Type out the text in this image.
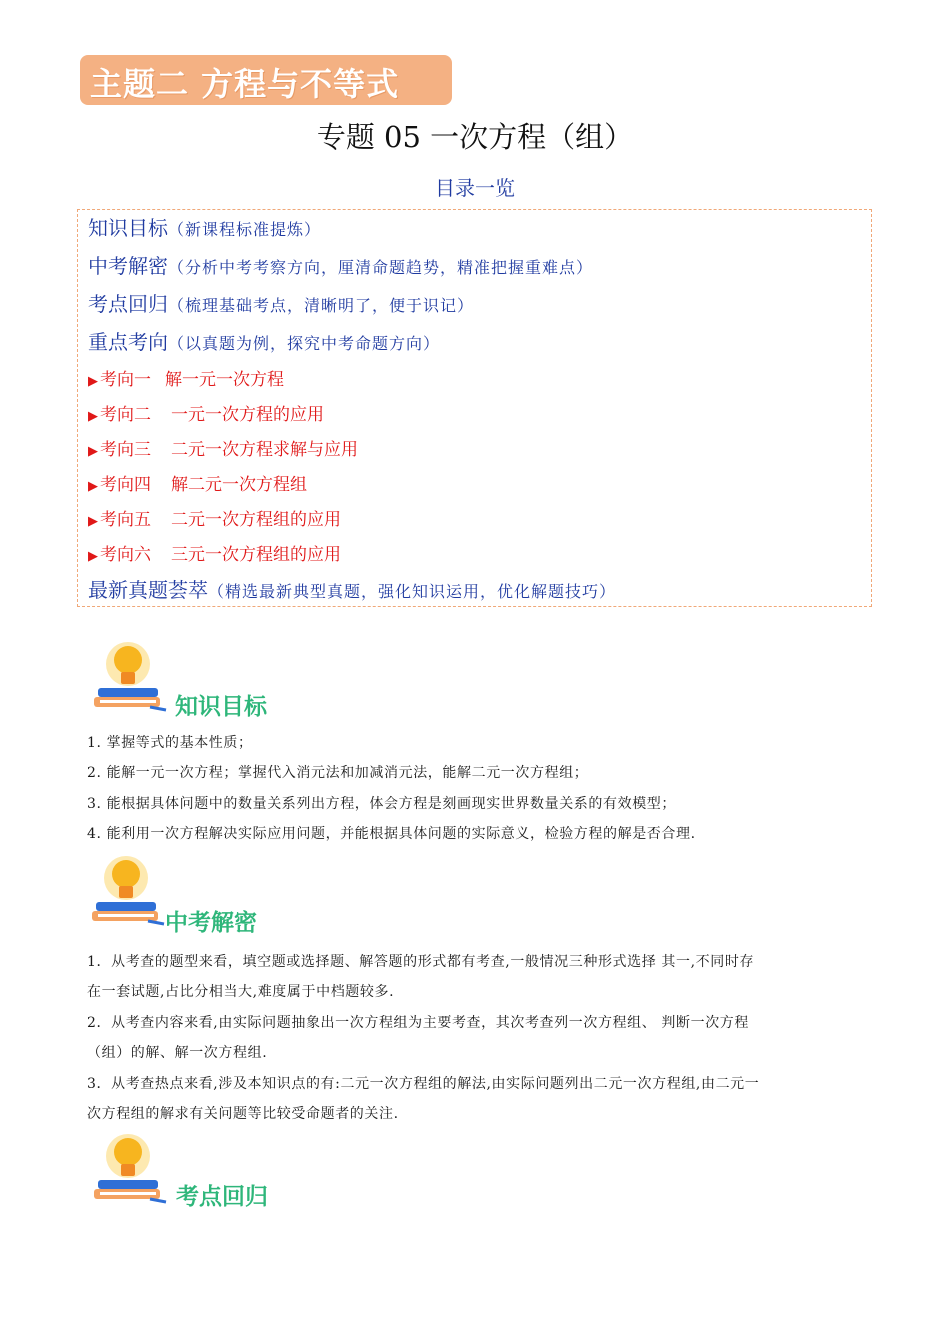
主题二 方程与不等式
专题 05 一次方程（组）
目录一览
知识目标（新课程标准提炼）
中考解密（分析中考考察方向，厘清命题趋势，精准把握重难点）
考点回归（梳理基础考点，清晰明了，便于识记）
重点考向（以真题为例，探究中考命题方向）
▶ 考向一 解一元一次方程
▶ 考向二 一元一次方程的应用
▶ 考向三 二元一次方程求解与应用
▶ 考向四 解二元一次方程组
▶ 考向五 二元一次方程组的应用
▶ 考向六 三元一次方程组的应用
最新真题荟萃（精选最新典型真题，强化知识运用，优化解题技巧）
知识目标
1. 掌握等式的基本性质；
2. 能解一元一次方程；掌握代入消元法和加减消元法，能解二元一次方程组；
3. 能根据具体问题中的数量关系列出方程，体会方程是刻画现实世界数量关系的有效模型；
4. 能利用一次方程解决实际应用问题，并能根据具体问题的实际意义，检验方程的解是否合理.
中考解密
1．从考查的题型来看，填空题或选择题、解答题的形式都有考查,一般情况三种形式选择 其一,不同时存
在一套试题,占比分相当大,难度属于中档题较多.
2．从考查内容来看,由实际问题抽象出一次方程组为主要考查，其次考查列一次方程组、 判断一次方程
（组）的解、解一次方程组.
3．从考查热点来看,涉及本知识点的有:二元一次方程组的解法,由实际问题列出二元一次方程组,由二元一
次方程组的解求有关问题等比较受命题者的关注.
考点回归
